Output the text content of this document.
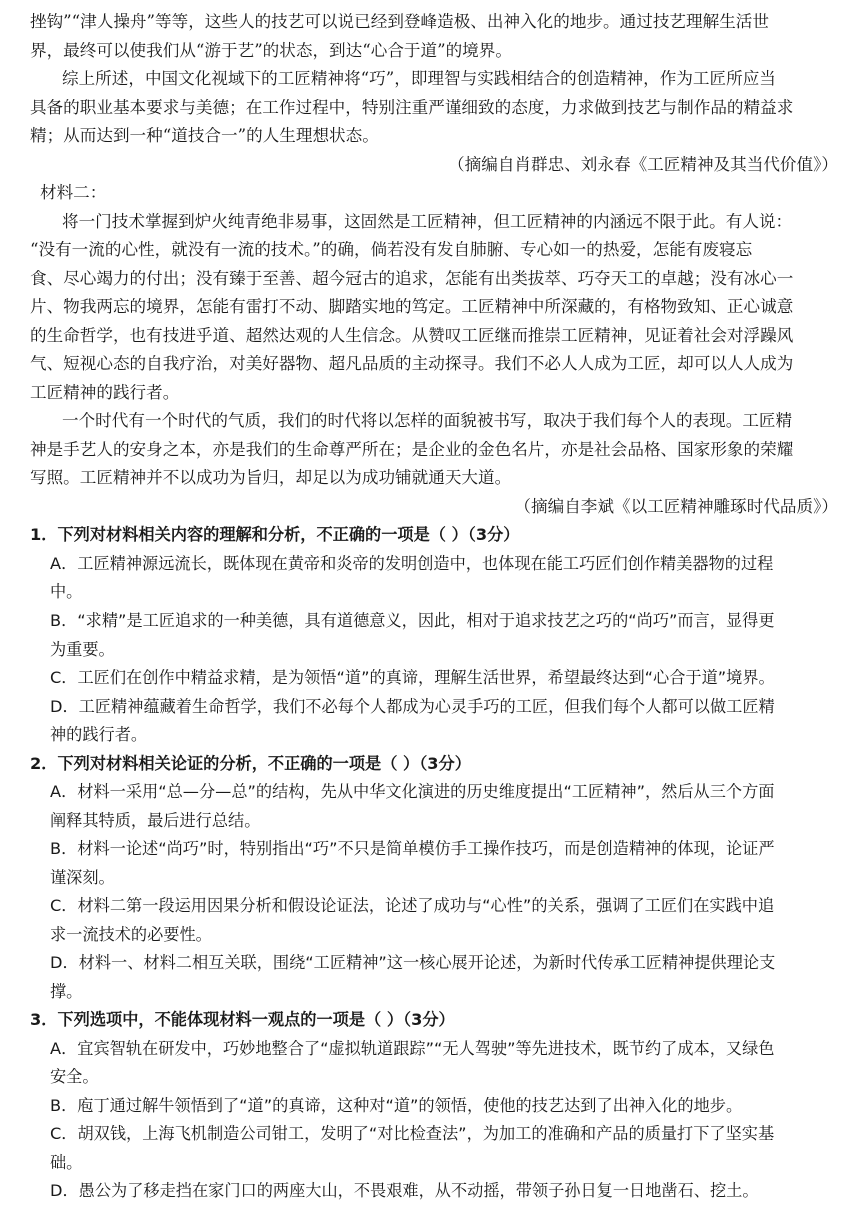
挫钩”“津人操舟”等等，这些人的技艺可以说已经到登峰造极、出神入化的地步。通过技艺理解生活世
界，最终可以使我们从“游于艺”的状态，到达“心合于道”的境界。
综上所述，中国文化视域下的工匠精神将“巧”，即理智与实践相结合的创造精神，作为工匠所应当
具备的职业基本要求与美德；在工作过程中，特别注重严谨细致的态度，力求做到技艺与制作品的精益求
精；从而达到一种“道技合一”的人生理想状态。
（摘编自肖群忠、刘永春《工匠精神及其当代价值》）
材料二：
将一门技术掌握到炉火纯青绝非易事，这固然是工匠精神，但工匠精神的内涵远不限于此。有人说：
“没有一流的心性，就没有一流的技术。”的确，倘若没有发自肺腑、专心如一的热爱，怎能有废寝忘
食、尽心竭力的付出；没有臻于至善、超今冠古的追求，怎能有出类拔萃、巧夺天工的卓越；没有冰心一
片、物我两忘的境界，怎能有雷打不动、脚踏实地的笃定。工匠精神中所深藏的，有格物致知、正心诚意
的生命哲学，也有技进乎道、超然达观的人生信念。从赞叹工匠继而推崇工匠精神，见证着社会对浮躁风
气、短视心态的自我疗治，对美好器物、超凡品质的主动探寻。我们不必人人成为工匠，却可以人人成为
工匠精神的践行者。
一个时代有一个时代的气质，我们的时代将以怎样的面貌被书写，取决于我们每个人的表现。工匠精
神是手艺人的安身之本，亦是我们的生命尊严所在；是企业的金色名片，亦是社会品格、国家形象的荣耀
写照。工匠精神并不以成功为旨归，却足以为成功铺就通天大道。
（摘编自李斌《以工匠精神雕琢时代品质》）
1．下列对材料相关内容的理解和分析，不正确的一项是（ ）（3分）
A．工匠精神源远流长，既体现在黄帝和炎帝的发明创造中，也体现在能工巧匠们创作精美器物的过程
中。
B．“求精”是工匠追求的一种美德，具有道德意义，因此，相对于追求技艺之巧的“尚巧”而言，显得更
为重要。
C．工匠们在创作中精益求精，是为领悟“道”的真谛，理解生活世界，希望最终达到“心合于道”境界。
D．工匠精神蕴藏着生命哲学，我们不必每个人都成为心灵手巧的工匠，但我们每个人都可以做工匠精
神的践行者。
2．下列对材料相关论证的分析，不正确的一项是（ ）（3分）
A．材料一采用“总—分—总”的结构，先从中华文化演进的历史维度提出“工匠精神”，然后从三个方面
阐释其特质，最后进行总结。
B．材料一论述“尚巧”时，特别指出“巧”不只是简单模仿手工操作技巧，而是创造精神的体现，论证严
谨深刻。
C．材料二第一段运用因果分析和假设论证法，论述了成功与“心性”的关系，强调了工匠们在实践中追
求一流技术的必要性。
D．材料一、材料二相互关联，围绕“工匠精神”这一核心展开论述，为新时代传承工匠精神提供理论支
撑。
3．下列选项中，不能体现材料一观点的一项是（ ）（3分）
A．宜宾智轨在研发中，巧妙地整合了“虚拟轨道跟踪”“无人驾驶”等先进技术，既节约了成本，又绿色
安全。
B．庖丁通过解牛领悟到了“道”的真谛，这种对“道”的领悟，使他的技艺达到了出神入化的地步。
C．胡双钱，上海飞机制造公司钳工，发明了“对比检查法”，为加工的准确和产品的质量打下了坚实基
础。
D．愚公为了移走挡在家门口的两座大山，不畏艰难，从不动摇，带领子孙日复一日地凿石、挖土。
